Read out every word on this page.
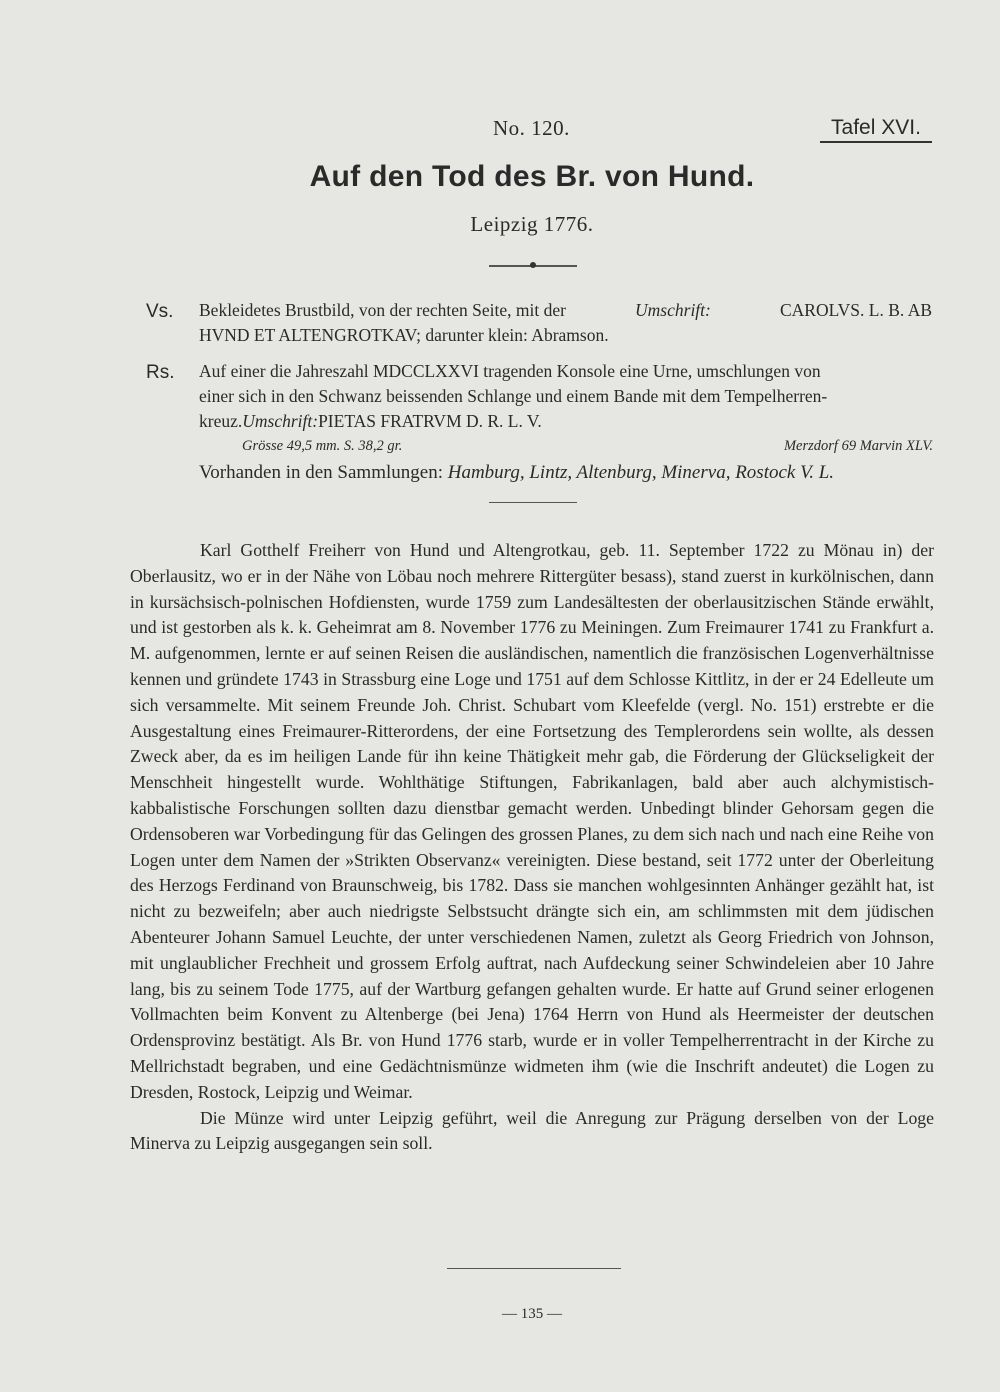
No. 120.	Tafel XVI.
Auf den Tod des Br. von Hund.
Leipzig 1776.
Vs. Bekleidetes Brustbild, von der rechten Seite, mit der	Umschrift:	CAROLVS. L. B. AB
HVND ET ALTENGROTKAV; darunter klein: Abramson.
Rs. Auf einer die Jahreszahl MDCCLXXVI tragenden Konsole eine Urne, umschlungen von
einer sich in den Schwanz beissenden Schlange und einem Bande mit dem Tempelherren-
kreuz. Umschrift: PIETAS FRATRVM D. R. L. V.
Grösse 49,5 mm. S. 38,2 gr.	Merzdorf 69 Marvin XLV.
Vorhanden in den Sammlungen: Hamburg, Lintz, Altenburg, Minerva, Rostock V. L.

Karl Gotthelf Freiherr von Hund und Altengrotkau, geb. 11. September 1722 zu Mönau in) der Oberlausitz, wo er in der Nähe von Löbau noch mehrere Rittergüter besass), stand zuerst in kurkölnischen, dann in kursächsisch-polnischen Hofdiensten, wurde 1759 zum Landesältesten der oberlausitzischen Stände erwählt, und ist gestorben als k. k. Geheimrat am 8. November 1776 zu Meiningen. Zum Freimaurer 1741 zu Frankfurt a. M. aufgenommen, lernte er auf seinen Reisen die ausländischen, namentlich die französischen Logenverhältnisse kennen und gründete 1743 in Strassburg eine Loge und 1751 auf dem Schlosse Kittlitz, in der er 24 Edelleute um sich versammelte. Mit seinem Freunde Joh. Christ. Schubart vom Kleefelde (vergl. No. 151) erstrebte er die Ausgestaltung eines Freimaurer-Ritterordens, der eine Fortsetzung des Templerordens sein wollte, als dessen Zweck aber, da es im heiligen Lande für ihn keine Thätigkeit mehr gab, die Förderung der Glückseligkeit der Menschheit hingestellt wurde. Wohlthätige Stiftungen, Fabrikanlagen, bald aber auch alchymistisch-kabbalistische Forschungen sollten dazu dienstbar gemacht werden. Unbedingt blinder Gehorsam gegen die Ordensoberen war Vorbedingung für das Gelingen des grossen Planes, zu dem sich nach und nach eine Reihe von Logen unter dem Namen der »Strikten Observanz« vereinigten. Diese bestand, seit 1772 unter der Oberleitung des Herzogs Ferdinand von Braunschweig, bis 1782. Dass sie manchen wohlgesinnten Anhänger gezählt hat, ist nicht zu bezweifeln; aber auch niedrigste Selbstsucht drängte sich ein, am schlimmsten mit dem jüdischen Abenteurer Johann Samuel Leuchte, der unter verschiedenen Namen, zuletzt als Georg Friedrich von Johnson, mit unglaublicher Frechheit und grossem Erfolg auftrat, nach Aufdeckung seiner Schwindeleien aber 10 Jahre lang, bis zu seinem Tode 1775, auf der Wartburg gefangen gehalten wurde. Er hatte auf Grund seiner erlogenen Vollmachten beim Konvent zu Altenberge (bei Jena) 1764 Herrn von Hund als Heermeister der deutschen Ordensprovinz bestätigt. Als Br. von Hund 1776 starb, wurde er in voller Tempelherrentracht in der Kirche zu Mellrichstadt begraben, und eine Gedächtnismünze widmeten ihm (wie die Inschrift andeutet) die Logen zu Dresden, Rostock, Leipzig und Weimar.

Die Münze wird unter Leipzig geführt, weil die Anregung zur Prägung derselben von der Loge Minerva zu Leipzig ausgegangen sein soll.

— 135 —
